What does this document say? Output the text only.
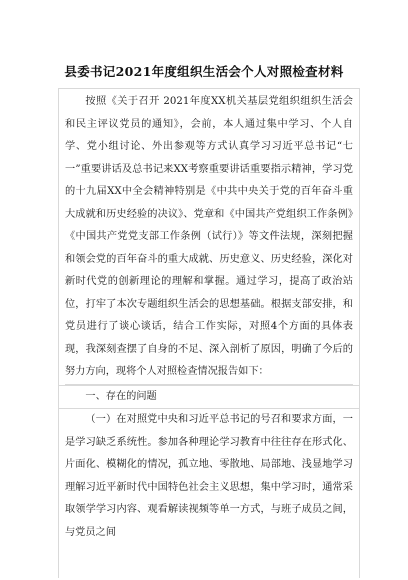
县委书记2021年度组织生活会个人对照检查材料

按照《关于召开 2021年度XX机关基层党组织组织生活会和民主评议党员的通知》，会前，本人通过集中学习、个人自学、党小组讨论、外出参观等方式认真学习习近平总书记“七一”重要讲话及总书记来XX考察重要讲话重要指示精神，学习党的十九届XX中全会精神特别是《中共中央关于党的百年奋斗重大成就和历史经验的决议》、党章和《中国共产党组织工作条例》《中国共产党党支部工作条例（试行）》等文件法规，深刻把握和领会党的百年奋斗的重大成就、历史意义、历史经验，深化对新时代党的创新理论的理解和掌握。通过学习，提高了政治站位，打牢了本次专题组织生活会的思想基础。根据支部安排，和党员进行了谈心谈话，结合工作实际，对照4个方面的具体表现，我深刻查摆了自身的不足、深入剖析了原因，明确了今后的努力方向，现将个人对照检查情况报告如下：

一、存在的问题

（一）在对照党中央和习近平总书记的号召和要求方面，一是学习缺乏系统性。参加各种理论学习教育中往往存在形式化、片面化、模糊化的情况，孤立地、零散地、局部地、浅显地学习理解习近平新时代中国特色社会主义思想，集中学习时，通常采取领学学习内容、观看解读视频等单一方式，与班子成员之间，与党员之间
